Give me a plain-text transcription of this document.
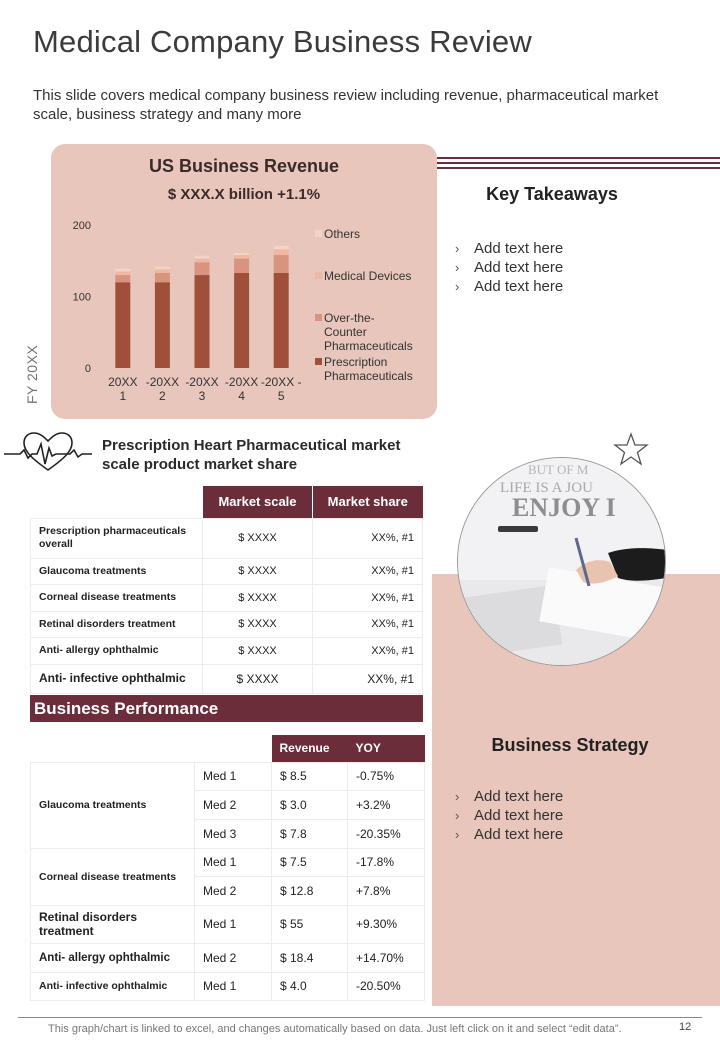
Medical Company Business Review
This slide covers medical company business review including revenue, pharmaceutical market scale, business strategy and many more
0
100
200
20XX
1
-20XX
2
-20XX
3
-20XX
4
-20XX -
5
Others
Medical Devices
Over-the-
Counter
Pharmaceuticals
Prescription
Pharmaceuticals
US Business Revenue
$ XXX.X billion +1.1%
FY 20XX
Key Takeaways
› Add text here
› Add text here
› Add text here
Prescription Heart Pharmaceutical market scale product market share
	Market scale	Market share
Prescription pharmaceuticals overall	$ XXXX	XX%, #1
Glaucoma treatments	$ XXXX	XX%, #1
Corneal disease treatments	$ XXXX	XX%, #1
Retinal disorders treatment	$ XXXX	XX%, #1
Anti- allergy ophthalmic	$ XXXX	XX%, #1
Anti- infective ophthalmic	$ XXXX	XX%, #1
Business Performance
		Revenue	YOY
Glaucoma treatments	Med 1	$ 8.5	-0.75%
	Med 2	$ 3.0	+3.2%
	Med 3	$ 7.8	-20.35%
Corneal disease treatments	Med 1	$ 7.5	-17.8%
	Med 2	$ 12.8	+7.8%
Retinal disorders treatment	Med 1	$ 55	+9.30%
Anti- allergy ophthalmic	Med 2	$ 18.4	+14.70%
Anti- infective ophthalmic	Med 1	$ 4.0	-20.50%
BUT OF M
LIFE IS A JOU
ENJOY I
Business Strategy
› Add text here
› Add text here
› Add text here
This graph/chart is linked to excel, and changes automatically based on data. Just left click on it and select “edit data”.	12
